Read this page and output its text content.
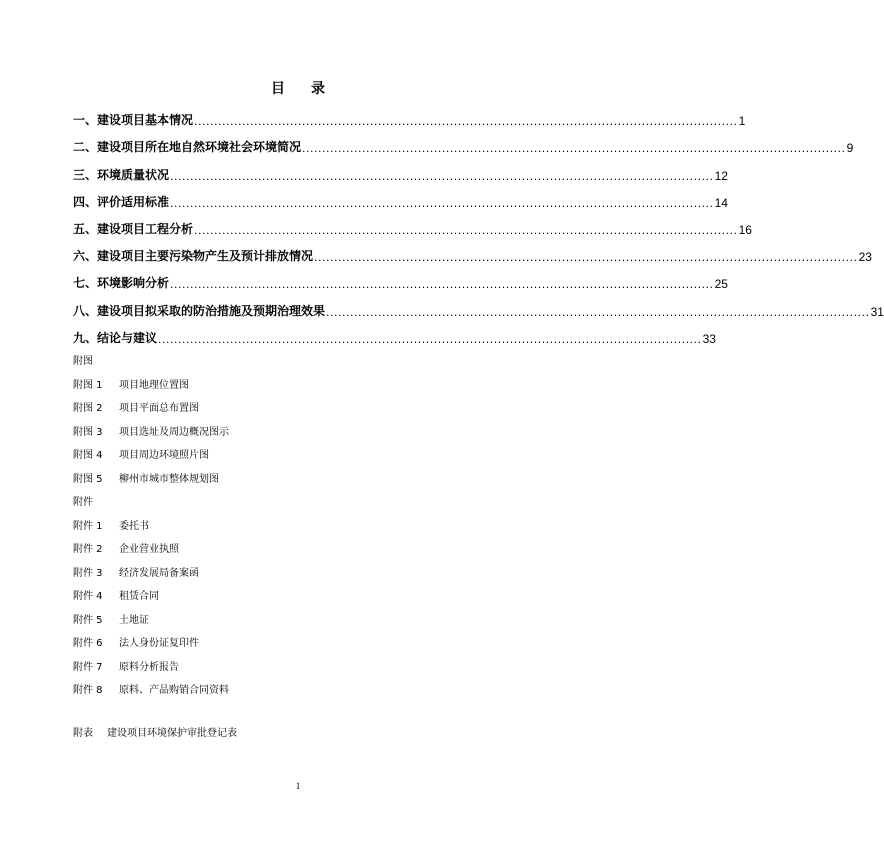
目 录
一、建设项目基本情况 ........................................................................................................................................ 1
二、建设项目所在地自然环境社会环境简况 ........................................................................................................................................ 9
三、环境质量状况 ........................................................................................................................................ 12
四、评价适用标准 ........................................................................................................................................ 14
五、建设项目工程分析 ........................................................................................................................................ 16
六、建设项目主要污染物产生及预计排放情况 ........................................................................................................................................ 23
七、环境影响分析 ........................................................................................................................................ 25
八、建设项目拟采取的防治措施及预期治理效果 ........................................................................................................................................ 31
九、结论与建议 ........................................................................................................................................ 33
附图
附图 1	项目地理位置图
附图 2	项目平面总布置图
附图 3	项目选址及周边概况图示
附图 4	项目周边环境照片图
附图 5	柳州市城市整体规划图
附件
附件 1	委托书
附件 2	企业营业执照
附件 3	经济发展局备案函
附件 4	租赁合同
附件 5	土地证
附件 6	法人身份证复印件
附件 7	原料分析报告
附件 8	原料、产品购销合同资料
附表	建设项目环境保护审批登记表
1
